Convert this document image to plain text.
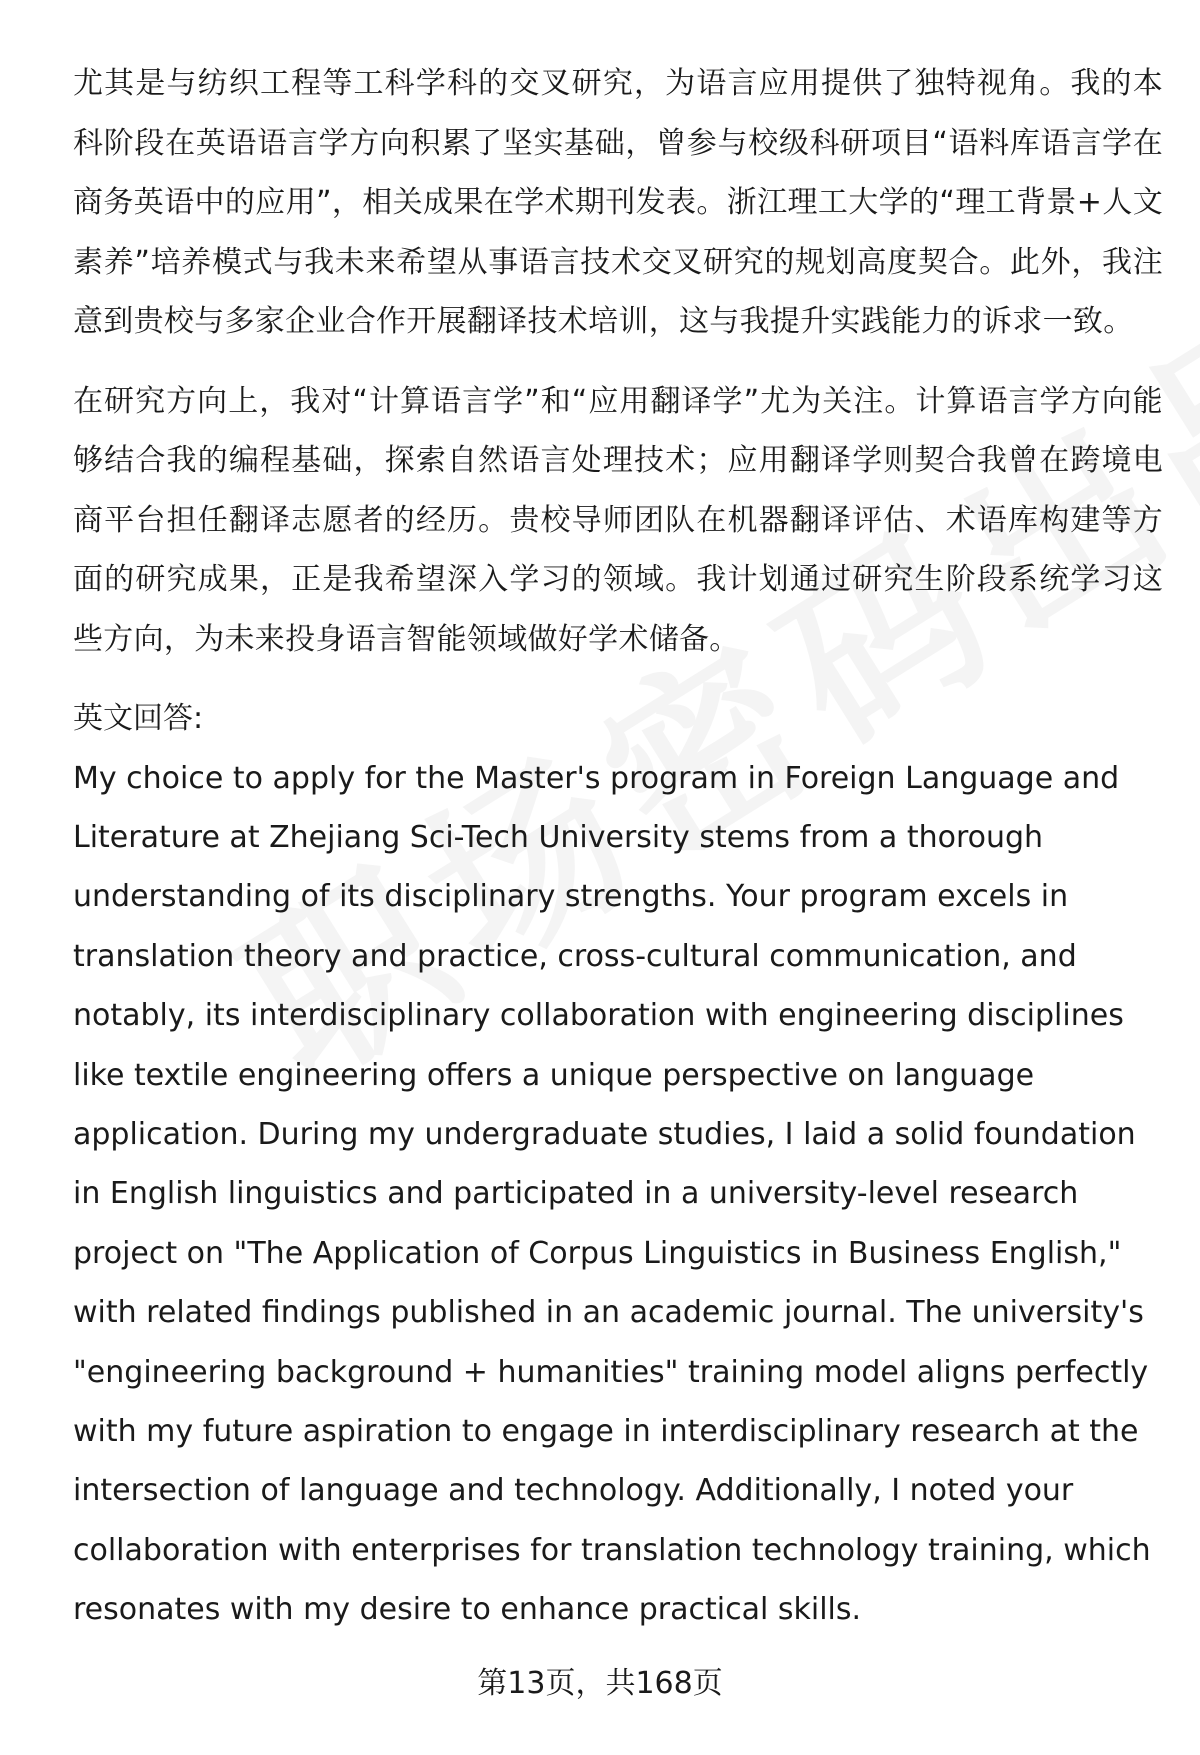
尤其是与纺织工程等工科学科的交叉研究，为语言应用提供了独特视角。我的本科阶段在英语语言学方向积累了坚实基础，曾参与校级科研项目“语料库语言学在商务英语中的应用”，相关成果在学术期刊发表。浙江理工大学的“理工背景+人文素养”培养模式与我未来希望从事语言技术交叉研究的规划高度契合。此外，我注意到贵校与多家企业合作开展翻译技术培训，这与我提升实践能力的诉求一致。

在研究方向上，我对“计算语言学”和“应用翻译学”尤为关注。计算语言学方向能够结合我的编程基础，探索自然语言处理技术；应用翻译学则契合我曾在跨境电商平台担任翻译志愿者的经历。贵校导师团队在机器翻译评估、术语库构建等方面的研究成果，正是我希望深入学习的领域。我计划通过研究生阶段系统学习这些方向，为未来投身语言智能领域做好学术储备。

英文回答:

My choice to apply for the Master's program in Foreign Language and Literature at Zhejiang Sci-Tech University stems from a thorough understanding of its disciplinary strengths. Your program excels in translation theory and practice, cross-cultural communication, and notably, its interdisciplinary collaboration with engineering disciplines like textile engineering offers a unique perspective on language application. During my undergraduate studies, I laid a solid foundation in English linguistics and participated in a university-level research project on "The Application of Corpus Linguistics in Business English," with related findings published in an academic journal. The university's "engineering background + humanities" training model aligns perfectly with my future aspiration to engage in interdisciplinary research at the intersection of language and technology. Additionally, I noted your collaboration with enterprises for translation technology training, which resonates with my desire to enhance practical skills.

第13页，共168页
